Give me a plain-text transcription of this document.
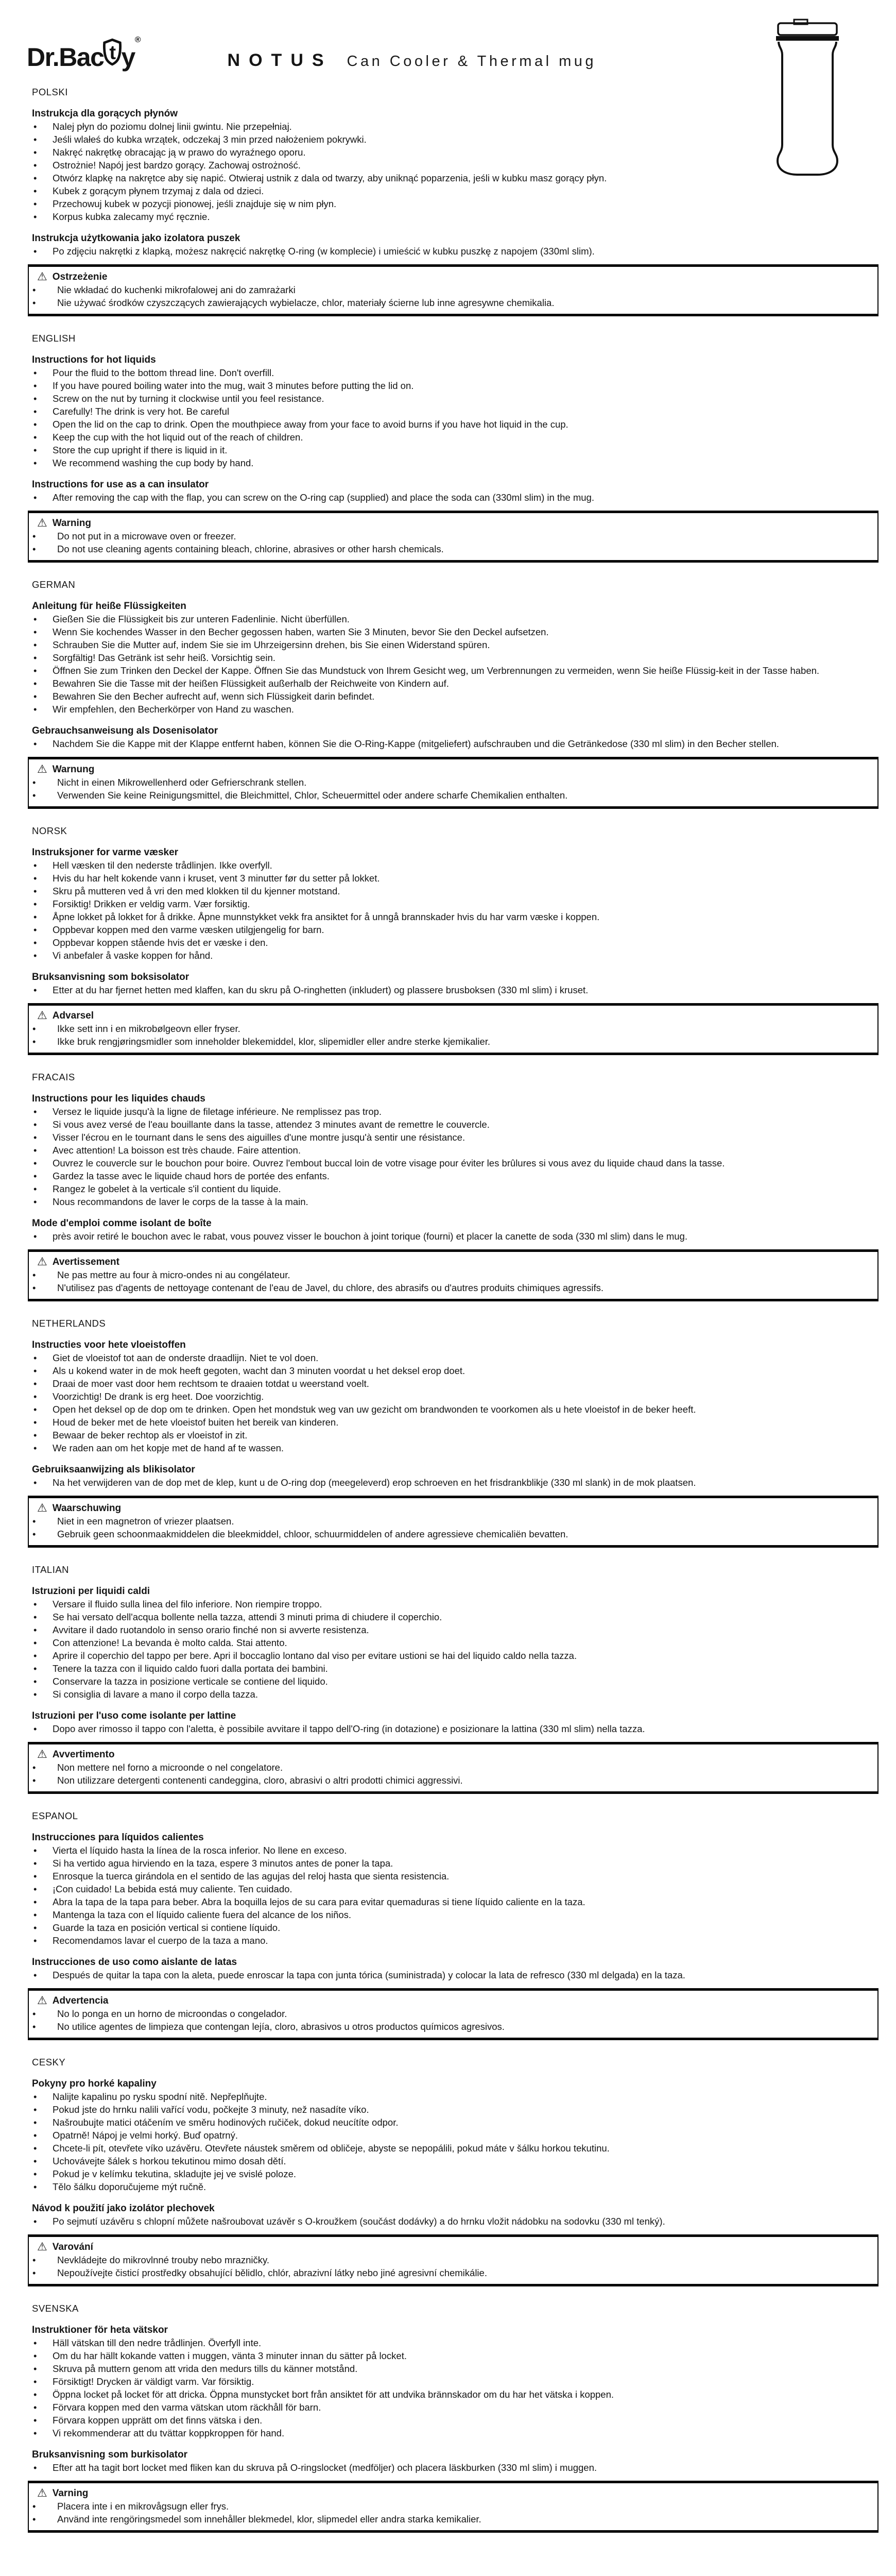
Dr.Bac t y
®
NOTUS Can Cooler & Thermal mug
POLSKI
Instrukcja dla gorących płynów
• Nalej płyn do poziomu dolnej linii gwintu. Nie przepełniaj.
• Jeśli wlałeś do kubka wrzątek, odczekaj 3 min przed nałożeniem pokrywki.
• Nakręć nakrętkę obracając ją w prawo do wyraźnego oporu.
• Ostrożnie! Napój jest bardzo gorący. Zachowaj ostrożność.
• Otwórz klapkę na nakrętce aby się napić. Otwieraj ustnik z dala od twarzy, aby uniknąć poparzenia, jeśli w kubku masz gorący płyn.
• Kubek z gorącym płynem trzymaj z dala od dzieci.
• Przechowuj kubek w pozycji pionowej, jeśli znajduje się w nim płyn.
• Korpus kubka zalecamy myć ręcznie.
Instrukcja użytkowania jako izolatora puszek
• Po zdjęciu nakrętki z klapką, możesz nakręcić nakrętkę O-ring (w komplecie) i umieścić w kubku puszkę z napojem (330ml slim).
⚠ Ostrzeżenie
• Nie wkładać do kuchenki mikrofalowej ani do zamrażarki
• Nie używać środków czyszczących zawierających wybielacze, chlor, materiały ścierne lub inne agresywne chemikalia.
ENGLISH
Instructions for hot liquids
• Pour the fluid to the bottom thread line. Don't overfill.
• If you have poured boiling water into the mug, wait 3 minutes before putting the lid on.
• Screw on the nut by turning it clockwise until you feel resistance.
• Carefully! The drink is very hot. Be careful
• Open the lid on the cap to drink. Open the mouthpiece away from your face to avoid burns if you have hot liquid in the cup.
• Keep the cup with the hot liquid out of the reach of children.
• Store the cup upright if there is liquid in it.
• We recommend washing the cup body by hand.
Instructions for use as a can insulator
• After removing the cap with the flap, you can screw on the O-ring cap (supplied) and place the soda can (330ml slim) in the mug.
⚠ Warning
• Do not put in a microwave oven or freezer.
• Do not use cleaning agents containing bleach, chlorine, abrasives or other harsh chemicals.
GERMAN
Anleitung für heiße Flüssigkeiten
• Gießen Sie die Flüssigkeit bis zur unteren Fadenlinie. Nicht überfüllen.
• Wenn Sie kochendes Wasser in den Becher gegossen haben, warten Sie 3 Minuten, bevor Sie den Deckel aufsetzen.
• Schrauben Sie die Mutter auf, indem Sie sie im Uhrzeigersinn drehen, bis Sie einen Widerstand spüren.
• Sorgfältig! Das Getränk ist sehr heiß. Vorsichtig sein.
• Öffnen Sie zum Trinken den Deckel der Kappe. Öffnen Sie das Mundstuck von Ihrem Gesicht weg, um Verbrennungen zu vermeiden, wenn Sie heiße Flüssig-keit in der Tasse haben.
• Bewahren Sie die Tasse mit der heißen Flüssigkeit außerhalb der Reichweite von Kindern auf.
• Bewahren Sie den Becher aufrecht auf, wenn sich Flüssigkeit darin befindet.
• Wir empfehlen, den Becherkörper von Hand zu waschen.
Gebrauchsanweisung als Dosenisolator
• Nachdem Sie die Kappe mit der Klappe entfernt haben, können Sie die O-Ring-Kappe (mitgeliefert) aufschrauben und die Getränkedose (330 ml slim) in den Becher stellen.
⚠ Warnung
• Nicht in einen Mikrowellenherd oder Gefrierschrank stellen.
• Verwenden Sie keine Reinigungsmittel, die Bleichmittel, Chlor, Scheuermittel oder andere scharfe Chemikalien enthalten.
NORSK
Instruksjoner for varme væsker
• Hell væsken til den nederste trådlinjen. Ikke overfyll.
• Hvis du har helt kokende vann i kruset, vent 3 minutter før du setter på lokket.
• Skru på mutteren ved å vri den med klokken til du kjenner motstand.
• Forsiktig! Drikken er veldig varm. Vær forsiktig.
• Åpne lokket på lokket for å drikke. Åpne munnstykket vekk fra ansiktet for å unngå brannskader hvis du har varm væske i koppen.
• Oppbevar koppen med den varme væsken utilgjengelig for barn.
• Oppbevar koppen stående hvis det er væske i den.
• Vi anbefaler å vaske koppen for hånd.
Bruksanvisning som boksisolator
• Etter at du har fjernet hetten med klaffen, kan du skru på O-ringhetten (inkludert) og plassere brusboksen (330 ml slim) i kruset.
⚠ Advarsel
• Ikke sett inn i en mikrobølgeovn eller fryser.
• Ikke bruk rengjøringsmidler som inneholder blekemiddel, klor, slipemidler eller andre sterke kjemikalier.
FRACAIS
Instructions pour les liquides chauds
• Versez le liquide jusqu'à la ligne de filetage inférieure. Ne remplissez pas trop.
• Si vous avez versé de l'eau bouillante dans la tasse, attendez 3 minutes avant de remettre le couvercle.
• Visser l'écrou en le tournant dans le sens des aiguilles d'une montre jusqu'à sentir une résistance.
• Avec attention! La boisson est très chaude. Faire attention.
• Ouvrez le couvercle sur le bouchon pour boire. Ouvrez l'embout buccal loin de votre visage pour éviter les brûlures si vous avez du liquide chaud dans la tasse.
• Gardez la tasse avec le liquide chaud hors de portée des enfants.
• Rangez le gobelet à la verticale s'il contient du liquide.
• Nous recommandons de laver le corps de la tasse à la main.
Mode d'emploi comme isolant de boîte
• près avoir retiré le bouchon avec le rabat, vous pouvez visser le bouchon à joint torique (fourni) et placer la canette de soda (330 ml slim) dans le mug.
⚠ Avertissement
• Ne pas mettre au four à micro-ondes ni au congélateur.
• N'utilisez pas d'agents de nettoyage contenant de l'eau de Javel, du chlore, des abrasifs ou d'autres produits chimiques agressifs.
NETHERLANDS
Instructies voor hete vloeistoffen
• Giet de vloeistof tot aan de onderste draadlijn. Niet te vol doen.
• Als u kokend water in de mok heeft gegoten, wacht dan 3 minuten voordat u het deksel erop doet.
• Draai de moer vast door hem rechtsom te draaien totdat u weerstand voelt.
• Voorzichtig! De drank is erg heet. Doe voorzichtig.
• Open het deksel op de dop om te drinken. Open het mondstuk weg van uw gezicht om brandwonden te voorkomen als u hete vloeistof in de beker heeft.
• Houd de beker met de hete vloeistof buiten het bereik van kinderen.
• Bewaar de beker rechtop als er vloeistof in zit.
• We raden aan om het kopje met de hand af te wassen.
Gebruiksaanwijzing als blikisolator
• Na het verwijderen van de dop met de klep, kunt u de O-ring dop (meegeleverd) erop schroeven en het frisdrankblikje (330 ml slank) in de mok plaatsen.
⚠ Waarschuwing
• Niet in een magnetron of vriezer plaatsen.
• Gebruik geen schoonmaakmiddelen die bleekmiddel, chloor, schuurmiddelen of andere agressieve chemicaliën bevatten.
ITALIAN
Istruzioni per liquidi caldi
• Versare il fluido sulla linea del filo inferiore. Non riempire troppo.
• Se hai versato dell'acqua bollente nella tazza, attendi 3 minuti prima di chiudere il coperchio.
• Avvitare il dado ruotandolo in senso orario finché non si avverte resistenza.
• Con attenzione! La bevanda è molto calda. Stai attento.
• Aprire il coperchio del tappo per bere. Apri il boccaglio lontano dal viso per evitare ustioni se hai del liquido caldo nella tazza.
• Tenere la tazza con il liquido caldo fuori dalla portata dei bambini.
• Conservare la tazza in posizione verticale se contiene del liquido.
• Si consiglia di lavare a mano il corpo della tazza.
Istruzioni per l'uso come isolante per lattine
• Dopo aver rimosso il tappo con l'aletta, è possibile avvitare il tappo dell'O-ring (in dotazione) e posizionare la lattina (330 ml slim) nella tazza.
⚠ Avvertimento
• Non mettere nel forno a microonde o nel congelatore.
• Non utilizzare detergenti contenenti candeggina, cloro, abrasivi o altri prodotti chimici aggressivi.
ESPANOL
Instrucciones para líquidos calientes
• Vierta el líquido hasta la línea de la rosca inferior. No llene en exceso.
• Si ha vertido agua hirviendo en la taza, espere 3 minutos antes de poner la tapa.
• Enrosque la tuerca girándola en el sentido de las agujas del reloj hasta que sienta resistencia.
• ¡Con cuidado! La bebida está muy caliente. Ten cuidado.
• Abra la tapa de la tapa para beber. Abra la boquilla lejos de su cara para evitar quemaduras si tiene líquido caliente en la taza.
• Mantenga la taza con el líquido caliente fuera del alcance de los niños.
• Guarde la taza en posición vertical si contiene líquido.
• Recomendamos lavar el cuerpo de la taza a mano.
Instrucciones de uso como aislante de latas
• Después de quitar la tapa con la aleta, puede enroscar la tapa con junta tórica (suministrada) y colocar la lata de refresco (330 ml delgada) en la taza.
⚠ Advertencia
• No lo ponga en un horno de microondas o congelador.
• No utilice agentes de limpieza que contengan lejía, cloro, abrasivos u otros productos químicos agresivos.
CESKY
Pokyny pro horké kapaliny
• Nalijte kapalinu po rysku spodní nitě. Nepřeplňujte.
• Pokud jste do hrnku nalili vařící vodu, počkejte 3 minuty, než nasadíte víko.
• Našroubujte matici otáčením ve směru hodinových ručiček, dokud neucítíte odpor.
• Opatrně! Nápoj je velmi horký. Buď opatrný.
• Chcete-li pít, otevřete víko uzávěru. Otevřete náustek směrem od obličeje, abyste se nepopálili, pokud máte v šálku horkou tekutinu.
• Uchovávejte šálek s horkou tekutinou mimo dosah dětí.
• Pokud je v kelímku tekutina, skladujte jej ve svislé poloze.
• Tělo šálku doporučujeme mýt ručně.
Návod k použití jako izolátor plechovek
• Po sejmutí uzávěru s chlopní můžete našroubovat uzávěr s O-kroužkem (součást dodávky) a do hrnku vložit nádobku na sodovku (330 ml tenký).
⚠ Varování
• Nevkládejte do mikrovlnné trouby nebo mrazničky.
• Nepoužívejte čisticí prostředky obsahující bělidlo, chlór, abrazivní látky nebo jiné agresivní chemikálie.
SVENSKA
Instruktioner för heta vätskor
• Häll vätskan till den nedre trådlinjen. Överfyll inte.
• Om du har hällt kokande vatten i muggen, vänta 3 minuter innan du sätter på locket.
• Skruva på muttern genom att vrida den medurs tills du känner motstånd.
• Försiktigt! Drycken är väldigt varm. Var försiktig.
• Öppna locket på locket för att dricka. Öppna munstycket bort från ansiktet för att undvika brännskador om du har het vätska i koppen.
• Förvara koppen med den varma vätskan utom räckhåll för barn.
• Förvara koppen upprätt om det finns vätska i den.
• Vi rekommenderar att du tvättar koppkroppen för hand.
Bruksanvisning som burkisolator
• Efter att ha tagit bort locket med fliken kan du skruva på O-ringslocket (medföljer) och placera läskburken (330 ml slim) i muggen.
⚠ Varning
• Placera inte i en mikrovågsugn eller frys.
• Använd inte rengöringsmedel som innehåller blekmedel, klor, slipmedel eller andra starka kemikalier.
